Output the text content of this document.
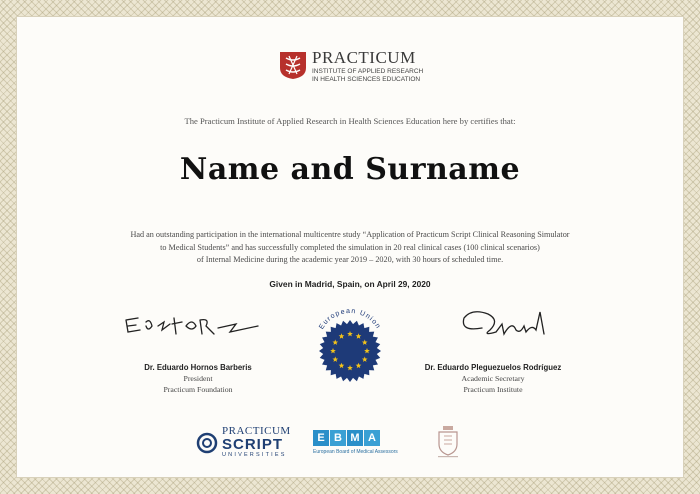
PRACTICUM
INSTITUTE OF APPLIED RESEARCH
IN HEALTH SCIENCES EDUCATION
The Practicum Institute of Applied Research in Health Sciences Education here by certifies that:
Name and Surname
Had an outstanding participation in the international multicentre study “Application of Practicum Script Clinical Reasoning Simulator
to Medical Students” and has successfully completed the simulation in 20 real clinical cases (100 clinical scenarios)
of Internal Medicine during the academic year 2019 – 2020, with 30 hours of scheduled time.
Given in Madrid, Spain, on April 29, 2020
Dr. Eduardo Hornos Barberis
President
Practicum Foundation
European Union
Dr. Eduardo Pleguezuelos Rodríguez
Academic Secretary
Practicum Institute
PRACTICUM
SCRIPT
UNIVERSITIES
E B M A
European Board of Medical Assessors
